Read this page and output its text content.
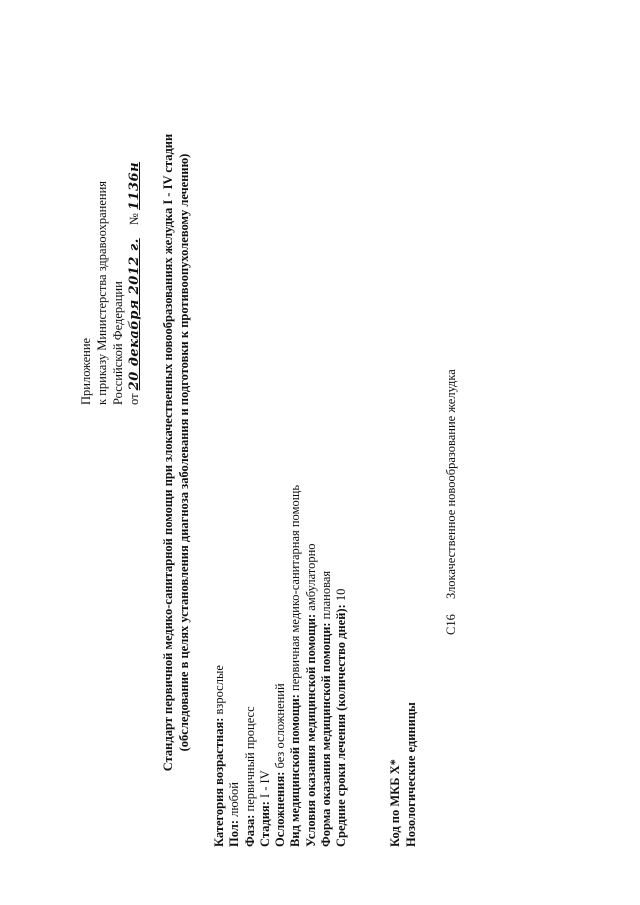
Приложение к приказу Министерства здравоохранения Российской Федерации от 20 декабря 2012 г. № 1136н Стандарт первичной медико-санитарной помощи при злокачественных новообразованиях желудка I - IV стадии (обследование в целях установления диагноза заболевания и подготовки к противоопухолевому лечению)
Категория возрастная: взрослые
Пол: любой
Фаза: первичный процесс
Стадия: I - IV Осложнения: без осложнений Вид медицинской помощи: первичная медико-санитарная помощь
Условия оказания медицинской помощи: амбулаторно
Форма оказания медицинской помощи: плановая
Средние сроки лечения (количество дней): 10
Код по МКБ X* Нозологические единицы
C16 Злокачественное новообразование желудка
